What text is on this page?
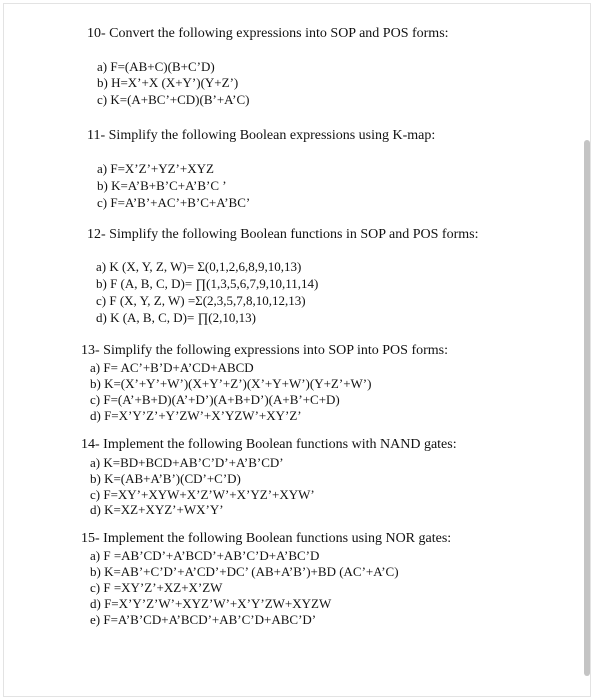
10- Convert the following expressions into SOP and POS forms:
a) F=(AB+C)(B+C’D)
b) H=X’+X (X+Y’)(Y+Z’)
c) K=(A+BC’+CD)(B’+A’C)
11- Simplify the following Boolean expressions using K-map:
a) F=X’Z’+YZ’+XYZ
b) K=A’B+B’C+A’B’C ’
c) F=A’B’+AC’+B’C+A’BC’
12- Simplify the following Boolean functions in SOP and POS forms:
a) K (X, Y, Z, W)= Σ(0,1,2,6,8,9,10,13)
b) F (A, B, C, D)= ∏(1,3,5,6,7,9,10,11,14)
c) F (X, Y, Z, W) =Σ(2,3,5,7,8,10,12,13)
d) K (A, B, C, D)= ∏(2,10,13)
13- Simplify the following expressions into SOP into POS forms:
a) F= AC’+B’D+A’CD+ABCD
b) K=(X’+Y’+W’)(X+Y’+Z’)(X’+Y+W’)(Y+Z’+W’)
c) F=(A’+B+D)(A’+D’)(A+B+D’)(A+B’+C+D)
d) F=X’Y’Z’+Y’ZW’+X’YZW’+XY’Z’
14- Implement the following Boolean functions with NAND gates:
a) K=BD+BCD+AB’C’D’+A’B’CD’
b) K=(AB+A’B’)(CD’+C’D)
c) F=XY’+XYW+X’Z’W’+X’YZ’+XYW’
d) K=XZ+XYZ’+WX’Y’
15- Implement the following Boolean functions using NOR gates:
a) F =AB’CD’+A’BCD’+AB’C’D+A’BC’D
b) K=AB’+C’D’+A’CD’+DC’ (AB+A’B’)+BD (AC’+A’C)
c) F =XY’Z’+XZ+X’ZW
d) F=X’Y’Z’W’+XYZ’W’+X’Y’ZW+XYZW
e) F=A’B’CD+A’BCD’+AB’C’D+ABC’D’
